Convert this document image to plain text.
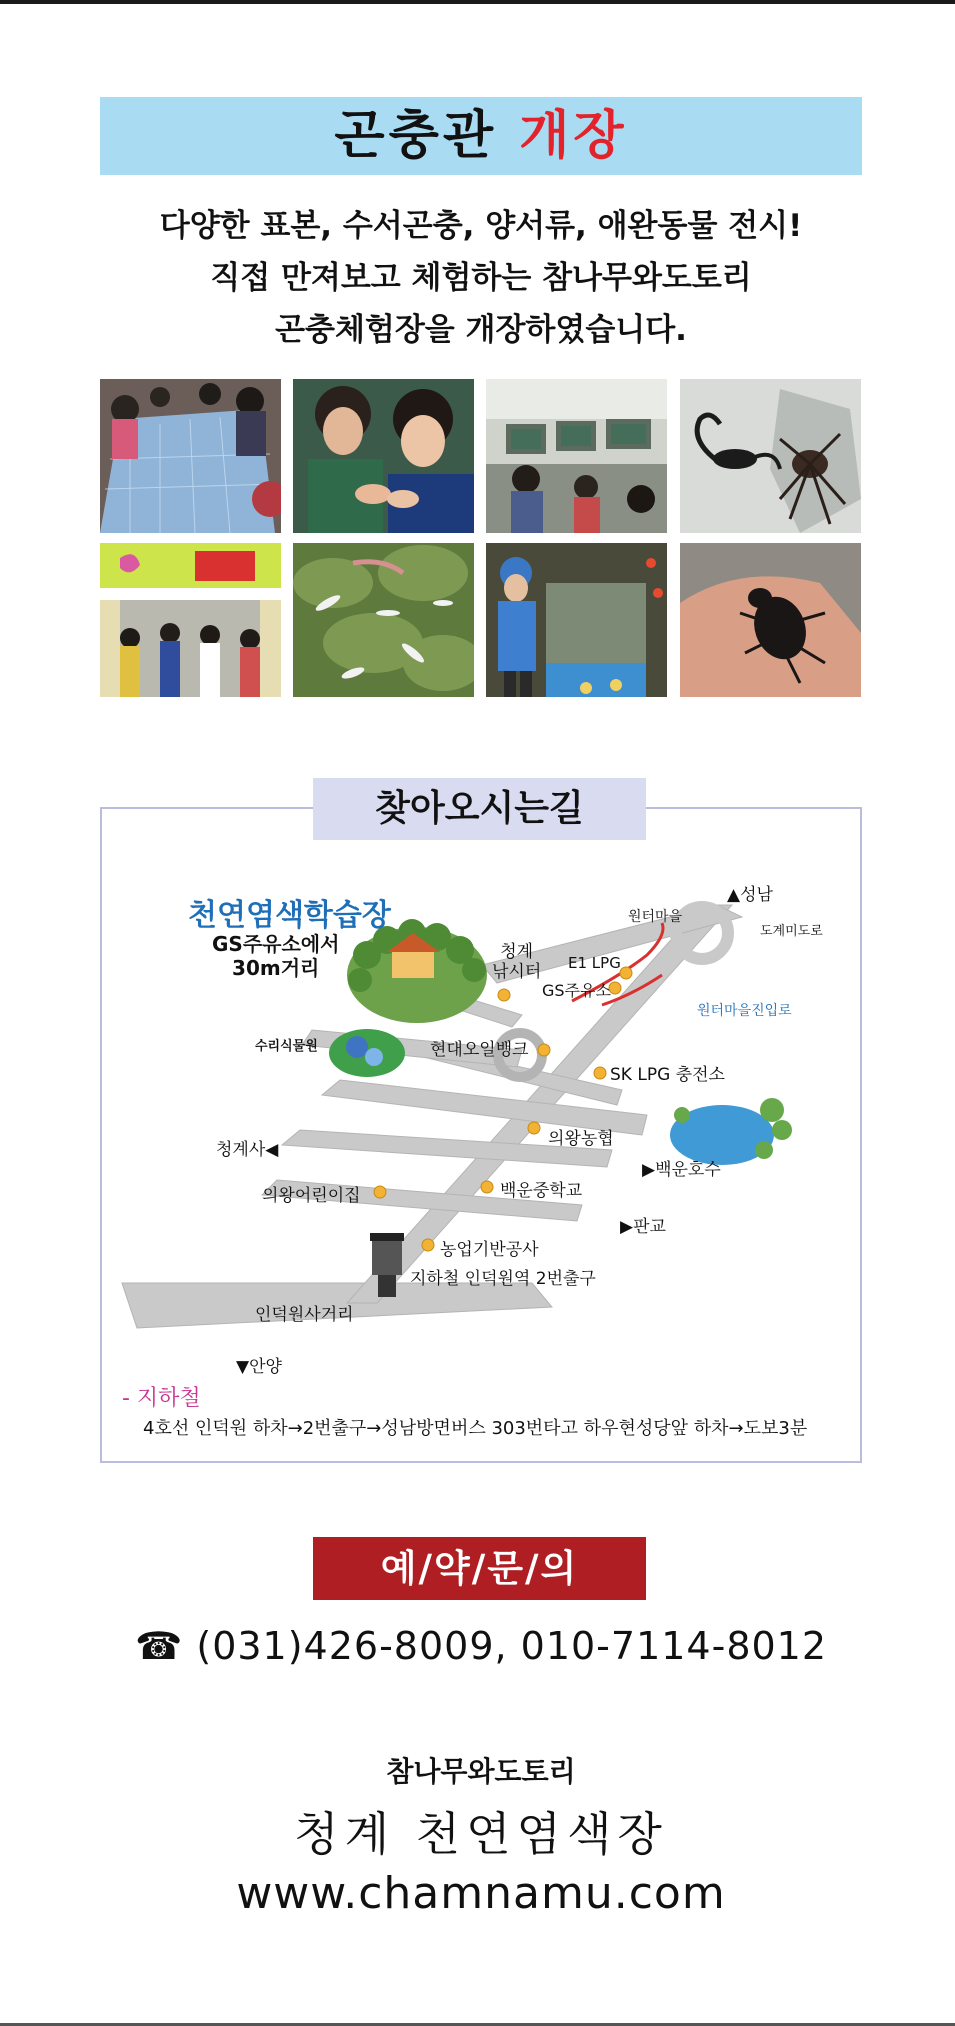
곤충관 개장
다양한 표본, 수서곤충, 양서류, 애완동물 전시!
직접 만져보고 체험하는 참나무와도토리
곤충체험장을 개장하였습니다.
찾아오시는길
천연염색학습장
GS주유소에서
30m거리
▲성남
원터마을
도계미도로
청계
낚시터 E1 LPG
GS주유소
원터마을진입로
수리식물원	현대오일뱅크
SK LPG 충전소
청계사◀
의왕농협
▶백운호수
의왕어린이집	백운중학교
▶판교
농업기반공사
지하철 인덕원역 2번출구
인덕원사거리
▼안양
- 지하철
4호선 인덕원 하차→2번출구→성남방면버스 303번타고 하우현성당앞 하차→도보3분
예/약/문/의
☎ (031)426-8009, 010-7114-8012
참나무와도토리
청계 천연염색장
www.chamnamu.com
